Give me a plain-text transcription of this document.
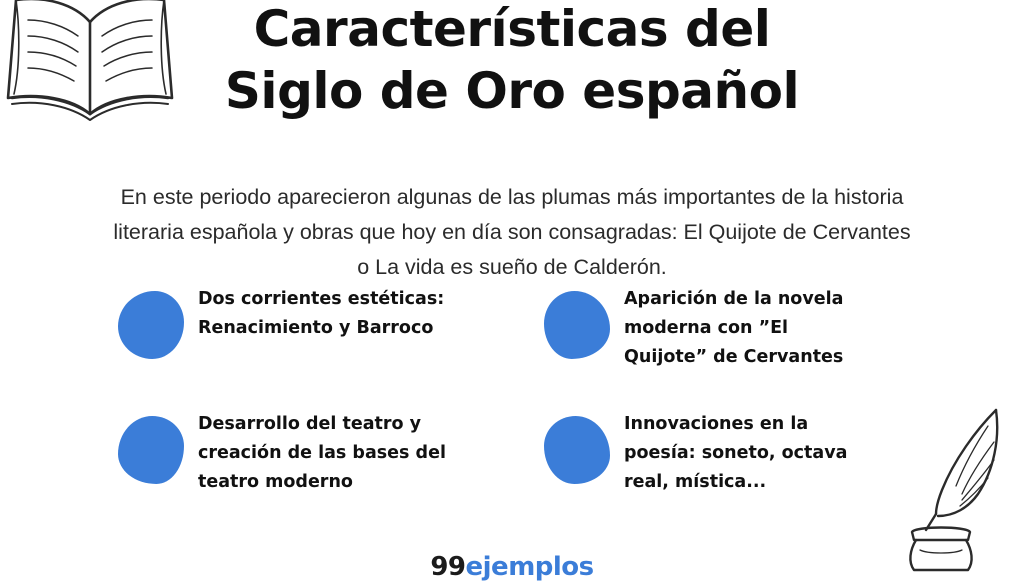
Características del
Siglo de Oro español

En este periodo aparecieron algunas de las plumas más importantes de la historia literaria española y obras que hoy en día son consagradas: El Quijote de Cervantes o La vida es sueño de Calderón.

Dos corrientes estéticas: Renacimiento y Barroco
Aparición de la novela moderna con ”El Quijote” de Cervantes
Desarrollo del teatro y creación de las bases del teatro moderno
Innovaciones en la poesía: soneto, octava real, mística...
99ejemplos
